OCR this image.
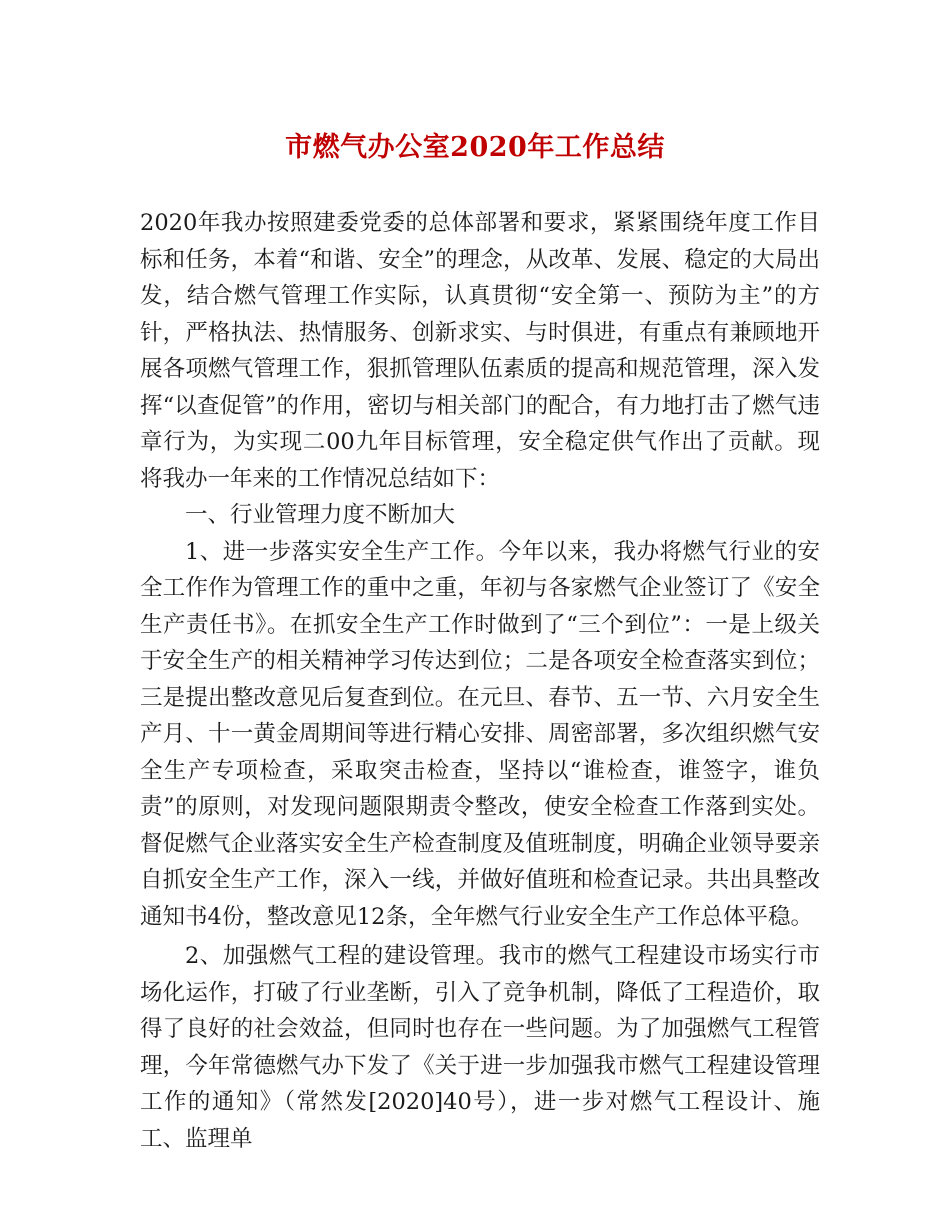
市燃气办公室2020年工作总结

2020年我办按照建委党委的总体部署和要求，紧紧围绕年度工作目标和任务，本着“和谐、安全”的理念，从改革、发展、稳定的大局出发，结合燃气管理工作实际，认真贯彻“安全第一、预防为主”的方针，严格执法、热情服务、创新求实、与时俱进，有重点有兼顾地开展各项燃气管理工作，狠抓管理队伍素质的提高和规范管理，深入发挥“以查促管”的作用，密切与相关部门的配合，有力地打击了燃气违章行为，为实现二00九年目标管理，安全稳定供气作出了贡献。现将我办一年来的工作情况总结如下：

一、行业管理力度不断加大

1、进一步落实安全生产工作。今年以来，我办将燃气行业的安全工作作为管理工作的重中之重，年初与各家燃气企业签订了《安全生产责任书》。在抓安全生产工作时做到了“三个到位”：一是上级关于安全生产的相关精神学习传达到位；二是各项安全检查落实到位；三是提出整改意见后复查到位。在元旦、春节、五一节、六月安全生产月、十一黄金周期间等进行精心安排、周密部署，多次组织燃气安全生产专项检查，采取突击检查，坚持以“谁检查，谁签字，谁负责”的原则，对发现问题限期责令整改，使安全检查工作落到实处。督促燃气企业落实安全生产检查制度及值班制度，明确企业领导要亲自抓安全生产工作，深入一线，并做好值班和检查记录。共出具整改通知书4份，整改意见12条，全年燃气行业安全生产工作总体平稳。

2、加强燃气工程的建设管理。我市的燃气工程建设市场实行市场化运作，打破了行业垄断，引入了竞争机制，降低了工程造价，取得了良好的社会效益，但同时也存在一些问题。为了加强燃气工程管理，今年常德燃气办下发了《关于进一步加强我市燃气工程建设管理工作的通知》（常然发[2020]40号），进一步对燃气工程设计、施工、监理单
